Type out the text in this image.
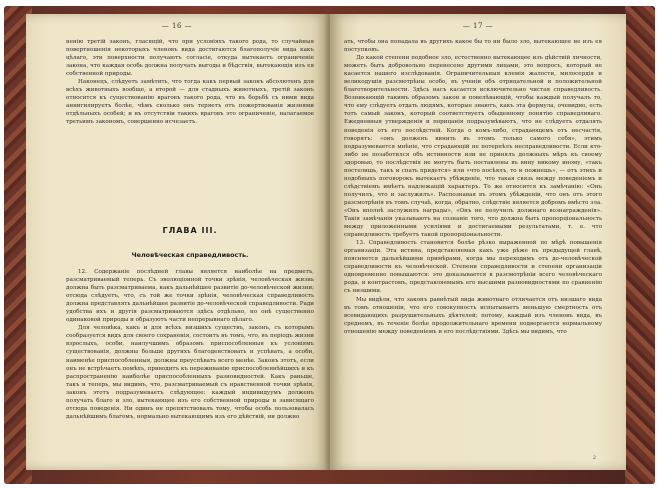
— 16 —

ненію третій законъ, гласящій, что при условіяхъ такого рода, то случайныя повертношенія некоторыхъ членовъ вида достигаются благополучіе вида какъ цѣлаго, эти поверхности получаютъ согласіе, откуда вытекаетъ ограниченіе закона, что каждая особь должна получать выгоды и бѣдствія, вытекающія изъ ея собственной природы.

Наконецъ, слѣдуетъ замѣтить, что тогда какъ первый законъ абсолютенъ для всѣхъ животныхъ вообще, а второй — для стадныхъ животныхъ, третій законъ относится къ существованію враговъ такого рода, что въ борьбѣ съ ними вида аннигилируетъ болѣе, чѣмъ сколько онъ теряетъ отъ пожертвованія жизнями отдѣльныхъ особей; и въ отсутствіи такихъ враговъ это ограниченіе, налагаемое третьимъ закономъ, совершенно исчезаетъ.

ГЛАВА III.
Человѣческая справедливость.

12. Содержаніе послѣдней главы является наиболѣе на предметъ, разсматриваемый теперь. Съ эволюціонной точки зрѣнія, человѣческая жизнь должна быть разсматриваема, какъ дальнѣйшее развитіе до-человѣческой жизни; отсюда слѣдуетъ, что, съ той же точки зрѣнія, человѣческая справедливость должна представлять дальнѣйшее развитіе до-человѣческой справедливости. Ради удобства ихъ и другія разсматриваются здѣсь отдѣльно, но онѣ существенно одинаковой природы и образуютъ части непрерывнаго цѣлаго.

Для человѣка, какъ и для всѣхъ низшихъ существъ, законъ, съ которымъ сообразуется видъ для своего сохраненія, состоитъ въ томъ, что, въ періодъ жизни взрослыхъ, особи, наилучшимъ образомъ приспособленныя къ условіямъ существованія, должны больше другихъ благоденствовать и успѣвать, а особи, наименѣе приспособленныя, должны преуспѣвать всего менѣе. Законъ этотъ, если онъ не встрѣчаетъ помѣхъ, приводитъ къ переживанію приспособленнѣйшихъ и къ распространенію наиболѣе приспособленныхъ разновидностей. Какъ раньше, такъ и теперь, мы видимъ, что, разсматриваемый съ нравственной точки зрѣнія, законъ этотъ подразумеваетъ слѣдующее: каждый индивидуумъ долженъ получать благо и зло, вытекающее изъ его собственной природы и зависящаго отсюда поведенія. Ни одинъ не препятствовалъ тому, чтобы особь пользовалась дальнѣйшимъ благомъ, нормально вытекающимъ изъ его дѣйствій, ни должно

— 17 —

ать, чтобы она попадала въ другихъ какое бы то ни было зло, вытекающее не изъ ея поступковъ.

До какой степени подобное зло, естественно вытекающее изъ дѣйствій личности, можетъ быть добровольно перенесено другими лицами, это вопросъ, который не касается нашего изслѣдованія. Ограничительныя клемія жалости, милосердія и великодушія разсмотрѣны особо, въ ученіи объ отрицательной и положительной благотворительности. Здѣсь насъ касается исключительно чистая справедливость. Возникающій такимъ образомъ закон и повелѣвающій, чтобы каждый получалъ то, что ему слѣдуетъ отдать людямъ, которые знаютъ, какъ эта формула, очевидно, есть тотъ самый законъ, который соответствуетъ обыденному понятію справедливаго. Ежедневныя утвержденія и порицанія подразумѣваютъ, что не слѣдуетъ отдалять поведенія отъ его послѣдствій. Когда о комъ-либо, страдающемъ отъ несчастія, говорятъ: «онъ долженъ винить въ этомъ только самого себя», этимъ подразумевается мнѣніе, что страдающій не потерпѣлъ несправедливости. Если кто-либо не позаботился объ истинности или не принялъ должныхъ мѣръ къ своему здоровью, то послѣдствія не могутъ быть поставлены въ вину никому иному, «такъ постелишь, такъ и спать придется» или «что посѣялъ, то и пожнешь», — отъ этихъ и подобныхъ поговорокъ вытекаетъ убѣжденіе, что такая связь между поведеніемъ и слѣдствіемъ имѣетъ надлежащій характеръ. То же относится къ замѣчанію: «Онъ получилъ, что и заслужилъ». Распознавая въ этомъ убѣжденіи, что онъ отъ этого разсмотрѣнія въ томъ случаѣ, когда, обратно, слѣдствіе является добромъ вмѣсто зла. «Онъ вполнѣ заслужилъ награды», «Онъ не получилъ должнаго вознагражденія». Такія замѣчанія указываютъ на сознаніе того, что должна быть пропорціональность между приложенными усиліями и достигаемыми результатами, т. е. что справедливость требуетъ такой пропорціональности.

13. Справедливость становится болѣе рѣзко выраженной по мѣрѣ повышенія организаціи. Эта истина, представляемая какъ уже рѣже въ предыдущей главѣ, поясняется дальнѣйшими примѣрами, когда мы переходимъ отъ до-человѣческой справедливости къ человѣческой. Степени справедливости и степени организаціи одновременно повышаются: это доказывается в разсмотрѣніи всего человѣческаго рода, и контрастомъ, представляемымъ его высшими разновидностями по сравненію съ низшими.

Мы видѣли, что законъ равнѣтый вида животнаго отличается отъ низшаго вида въ томъ отношеніи, что его совокупность испытываетъ меньшую смертность отъ всевидающихъ разрушительныхъ дѣятелей; потому, каждый изъ членовъ вида, въ среднемъ, въ теченіе болѣе продолжительнаго времени подвергается нормальному отношенію между поведеніемъ и его послѣдствіями. Здѣсь мы видимъ, что

2
